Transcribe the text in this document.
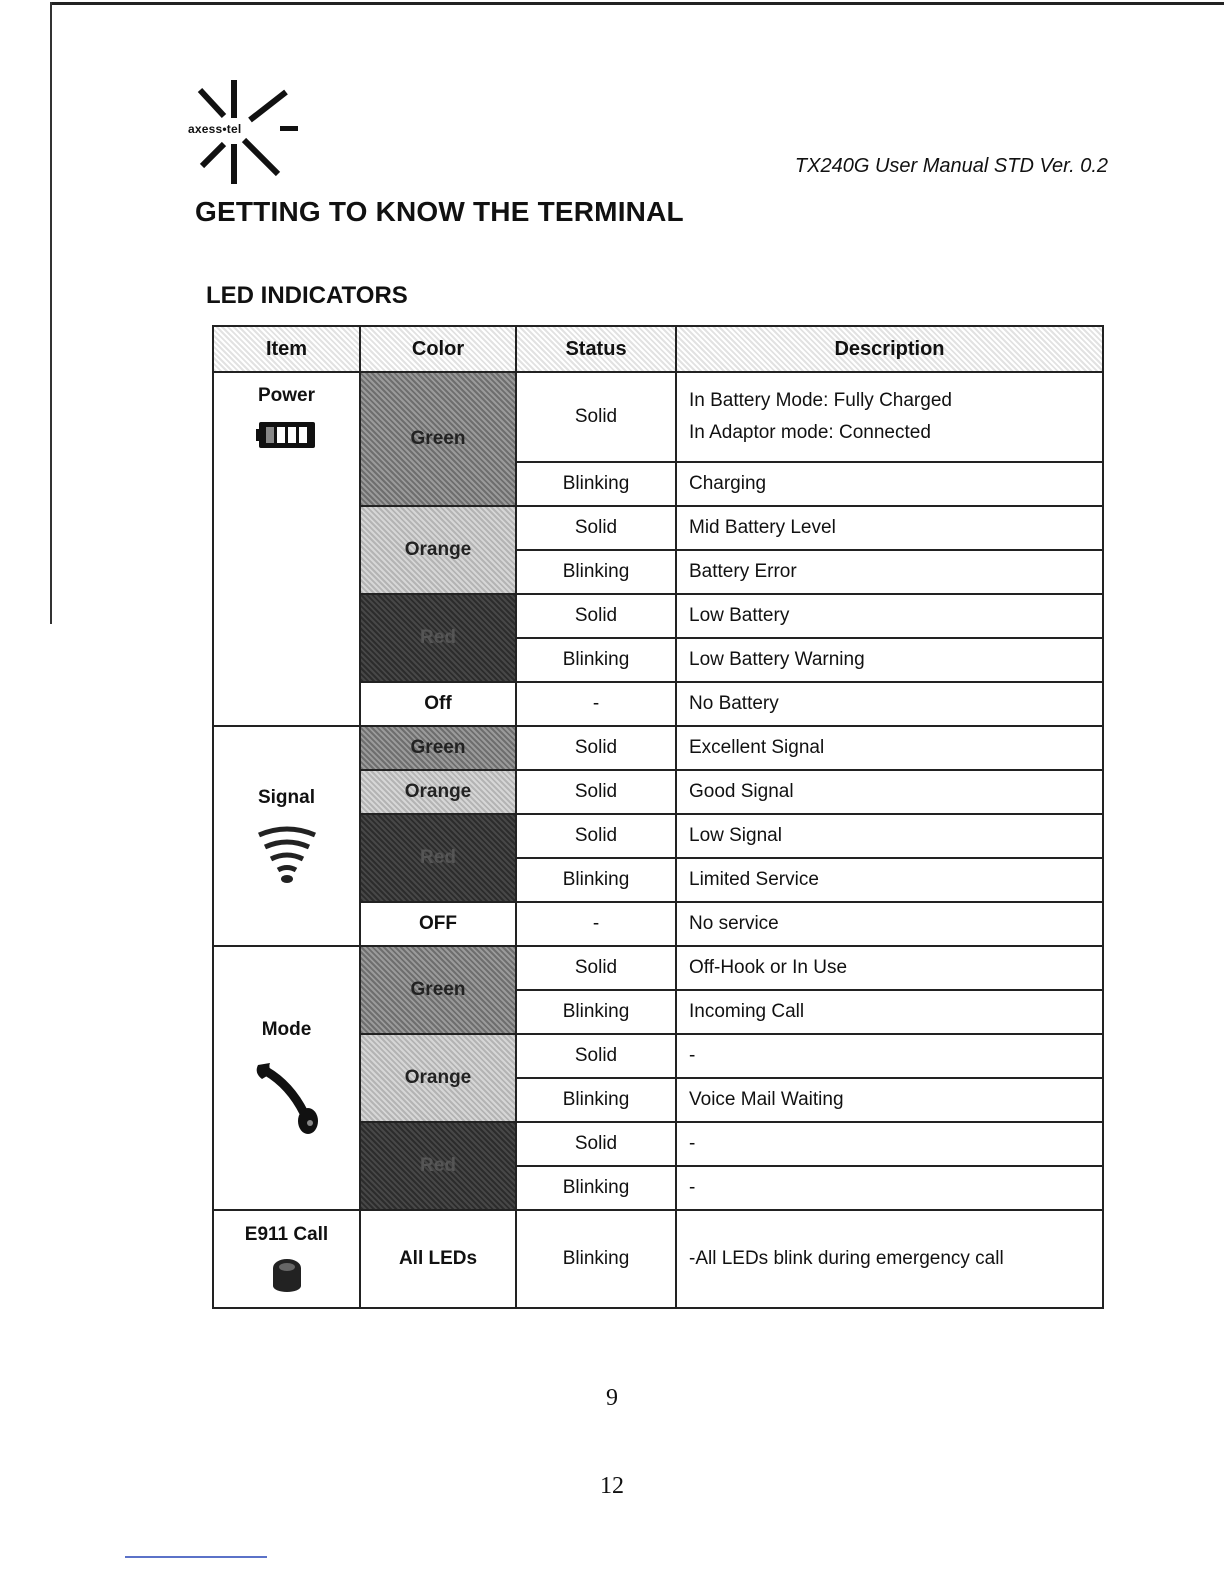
axess•tel
TX240G User Manual STD Ver. 0.2
GETTING TO KNOW THE TERMINAL
LED INDICATORS
Item	Color	Status	Description

Power	Green	Solid	In Battery Mode: Fully Charged
In Adaptor mode: Connected

		Blinking	Charging
	Orange	Solid	Mid Battery Level
		Blinking	Battery Error
	Red	Solid	Low Battery
		Blinking	Low Battery Warning
	Off	-	No Battery

Signal	Green	Solid	Excellent Signal
	Orange	Solid	Good Signal
	Red	Solid	Low Signal
		Blinking	Limited Service
	OFF	-	No service

Mode	Green	Solid	Off-Hook or In Use
		Blinking	Incoming Call
	Orange	Solid	-
		Blinking	Voice Mail Waiting
	Red	Solid	-
		Blinking	-

E911 Call	All LEDs	Blinking	-All LEDs blink during emergency call
9
12
